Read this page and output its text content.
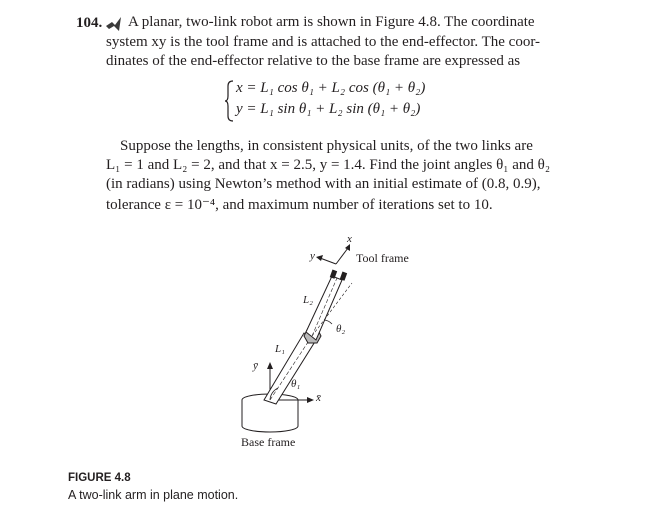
104. A planar, two-link robot arm is shown in Figure 4.8. The coordinate
system xy is the tool frame and is attached to the end-effector. The coor-
dinates of the end-effector relative to the base frame are expressed as
x = L₁ cos θ₁ + L₂ cos (θ₁ + θ₂)
y = L₁ sin θ₁ + L₂ sin (θ₁ + θ₂)
Suppose the lengths, in consistent physical units, of the two links are
L₁ = 1 and L₂ = 2, and that x = 2.5, y = 1.4. Find the joint angles θ₁ and θ₂
(in radians) using Newton’s method with an initial estimate of (0.8, 0.9),
tolerance ε = 10⁻⁴, and maximum number of iterations set to 10.
x
y	Tool frame
L₂
θ₂
L₁
ȳ
θ₁
x̄
Base frame
FIGURE 4.8
A two-link arm in plane motion.
